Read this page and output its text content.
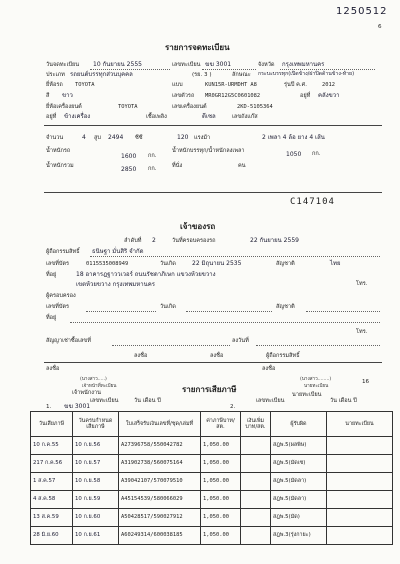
1250512
6
รายการจดทะเบียน
วันจดทะเบียน 10 กันยายน 2555	เลขทะเบียน ฆฆ 3001	จังหวัด กรุงเทพมหานคร
ประเภท รถยนต์บรรทุกส่วนบุคคล	(รย. 3 )	ลักษณะ กระบะบรรทุก(เปิดข้าง/ฝาปิดด้านข้าง-ท้าย)
ยี่ห้อรถ TOYOTA	แบบ	KUN15R-URMDHT A8	รุ่นปี ค.ศ.	2012
สี ขาว	เลขตัวรถ MR0GR12G5C0601082	อยู่ที่ คลังขวา
ยี่ห้อเครื่องยนต์	TOYOTA	เลขเครื่องยนต์	2KD-5105364
อยู่ที่ ข้างเครื่อง	เชื้อเพลิง	ดีเซล	เลขถังแก๊ส
จำนวน	4 สูบ 2494 ซีซี	120 แรงม้า	2 เพลา 4 ล้อ ยาง 4 เส้น
น้ำหนักรถ
1600 กก.
น้ำหนักบรรทุก/น้ำหนักลงเพลา	1050 กก.
น้ำหนักรวม	2850 กก.	ที่นั่ง	คน
C147104
เจ้าของรถ
ลำดับที่ 2	วันที่ครอบครองรถ	22 กันยายน 2559
ผู้ถือกรรมสิทธิ์ ธนิษฐา มั่นสิริ จำกัด
เลขที่บัตร	0115535008949	วันเกิด	22 มิถุนายน 2535	สัญชาติ	ไทย
ที่อยู่	18 อาคารฎฐาววเวอร์ ถนนรัชดาภิเษก แขวงห้วยขวาง
เขตห้วยขวาง กรุงเทพมหานคร	โทร.
ผู้ครอบครอง
เลขที่บัตร	วันเกิด	สัญชาติ
ที่อยู่
โทร.
สัญญาเช่าซื้อเลขที่	ลงวันที่
ลงชื่อ	ลงชื่อ	ผู้ถือกรรมสิทธิ์
ลงชื่อ	ลงชื่อ
(นางสาว.....)
เจ้าหน้าที่ทะเบียน
(นางสาว........)
นายทะเบียน
16
รายการเสียภาษี
เจ้าพนักงาน
เลขทะเบียน	วัน เดือน ปี	เลขทะเบียน
นายทะเบียน
วัน เดือน ปี
1. ฆฆ 3001	2.
วันเสียภาษี	วันครบกำหนดเสียภาษี	ใบเสร็จรับเงินเลขที่/ชุด/เล่มที่	ค่าภาษีบาท/สต.	เงินเพิ่มบาท/สต.	ผู้รับผิด	นายทะเบียน
10 ก.ค.55	10 ก.ย.56	A27396758/550042782	1,050.00		สฎพ.5(ผลพิษ)	
217 ก.ค.56	10 ก.ย.57	A31902738/560075164	1,050.00		สฎพ.5(มัดเซ)	
1 ส.ค.57	10 ก.ย.58	A39042107/570079510	1,050.00		สฎพ.5(มัดลา)	
4 ส.ค.58	10 ก.ย.59	A45154539/580066029	1,050.00		สฎพ.5(มัดลา)	
13 ส.ค.59	10 ก.ย.60	A50428517/590027912	1,050.00		สฎพ.5(มัด)	
28 มิ.ย.60	10 ก.ย.61	A60249314/600038185	1,050.00		สฎพ.3(รุ่งกายะ)	
